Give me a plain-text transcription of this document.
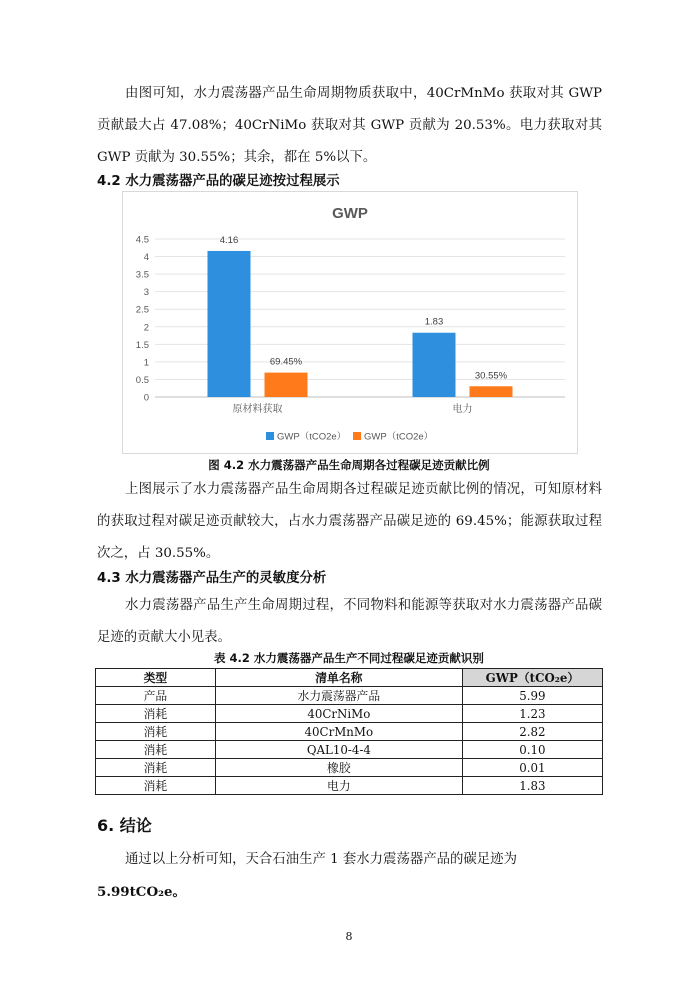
由图可知，水力震荡器产品生命周期物质获取中，40CrMnMo 获取对其 GWP 贡献最大占 47.08%；40CrNiMo 获取对其 GWP 贡献为 20.53%。电力获取对其 GWP 贡献为 30.55%；其余，都在 5%以下。

4.2 水力震荡器产品的碳足迹按过程展示

GWP
0
0.5
1
1.5
2
2.5
3
3.5
4
4.5	4.16
69.45%
原材料获取
1.83
30.55%
电力
GWP（tCO2e） GWP（tCO2e）
图 4.2 水力震荡器产品生命周期各过程碳足迹贡献比例

上图展示了水力震荡器产品生命周期各过程碳足迹贡献比例的情况，可知原材料的获取过程对碳足迹贡献较大，占水力震荡器产品碳足迹的 69.45%；能源获取过程次之，占 30.55%。

4.3 水力震荡器产品生产的灵敏度分析

水力震荡器产品生产生命周期过程，不同物料和能源等获取对水力震荡器产品碳足迹的贡献大小见表。

表 4.2 水力震荡器产品生产不同过程碳足迹贡献识别
类型	清单名称	GWP（tCO₂e）
产品	水力震荡器产品	5.99
消耗	40CrNiMo	1.23
消耗	40CrMnMo	2.82
消耗	QAL10-4-4	0.10
消耗	橡胶	0.01
消耗	电力	1.83

6. 结论

通过以上分析可知，天合石油生产 1 套水力震荡器产品的碳足迹为
5.99tCO₂e。

8
